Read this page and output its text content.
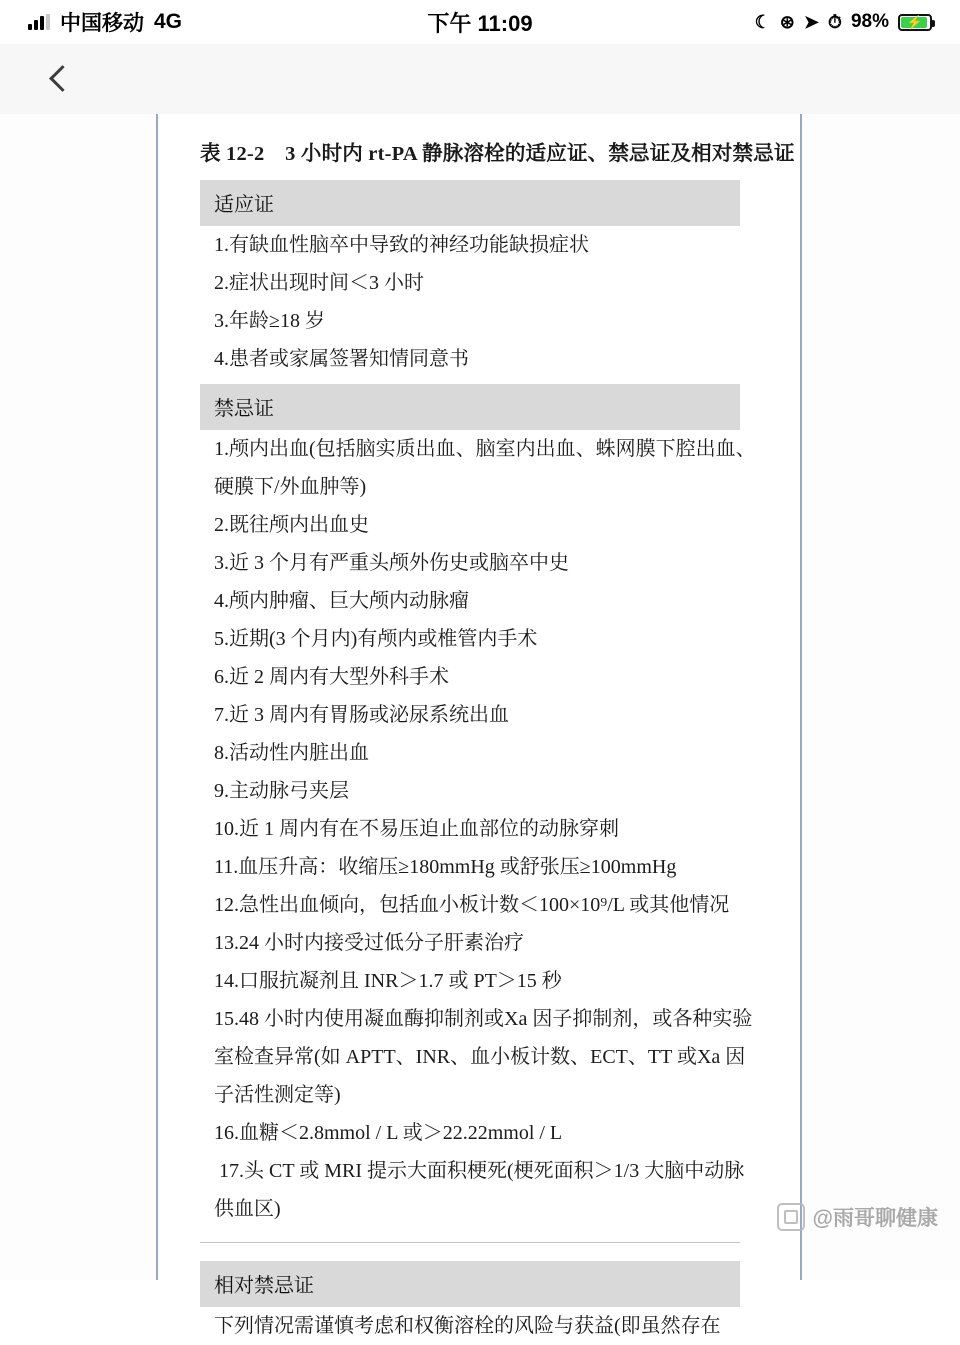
中国移动 4G	下午 11:09	☾ ⊛ ➤ ⏱ 98% ⚡
表 12-2　3 小时内 rt-PA 静脉溶栓的适应证、禁忌证及相对禁忌证
适应证
1.有缺血性脑卒中导致的神经功能缺损症状
2.症状出现时间＜3 小时
3.年龄≥18 岁
4.患者或家属签署知情同意书
禁忌证
1.颅内出血(包括脑实质出血、脑室内出血、蛛网膜下腔出血、硬膜下/外血肿等)
2.既往颅内出血史
3.近 3 个月有严重头颅外伤史或脑卒中史
4.颅内肿瘤、巨大颅内动脉瘤
5.近期(3 个月内)有颅内或椎管内手术
6.近 2 周内有大型外科手术
7.近 3 周内有胃肠或泌尿系统出血
8.活动性内脏出血
9.主动脉弓夹层
10.近 1 周内有在不易压迫止血部位的动脉穿刺
11.血压升高：收缩压≥180mmHg 或舒张压≥100mmHg
12.急性出血倾向，包括血小板计数＜100×10⁹/L 或其他情况
13.24 小时内接受过低分子肝素治疗
14.口服抗凝剂且 INR＞1.7 或 PT＞15 秒
15.48 小时内使用凝血酶抑制剂或Xa 因子抑制剂，或各种实验室检查异常(如 APTT、INR、血小板计数、ECT、TT 或Xa 因子活性测定等)
16.血糖＜2.8mmol / L 或＞22.22mmol / L
17.头 CT 或 MRI 提示大面积梗死(梗死面积＞1/3 大脑中动脉供血区)
相对禁忌证
下列情况需谨慎考虑和权衡溶栓的风险与获益(即虽然存在
@雨哥聊健康
